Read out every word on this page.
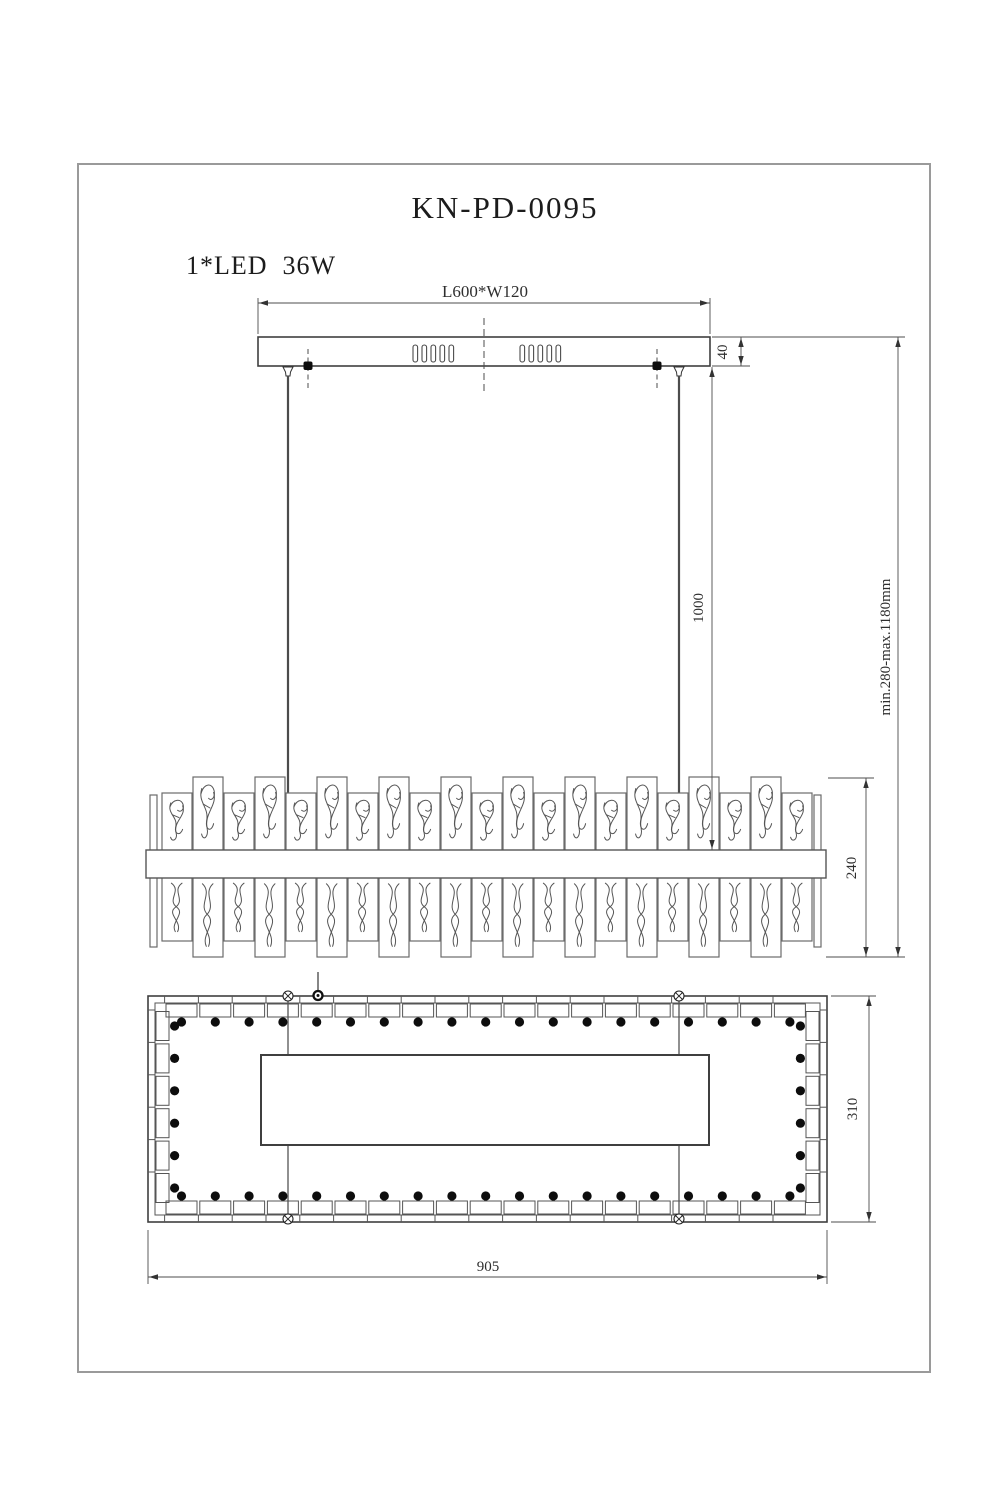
KN-PD-0095
1*LED  36W
L600*W120
40
1000	min.280-max.1180mm
240
310
905
